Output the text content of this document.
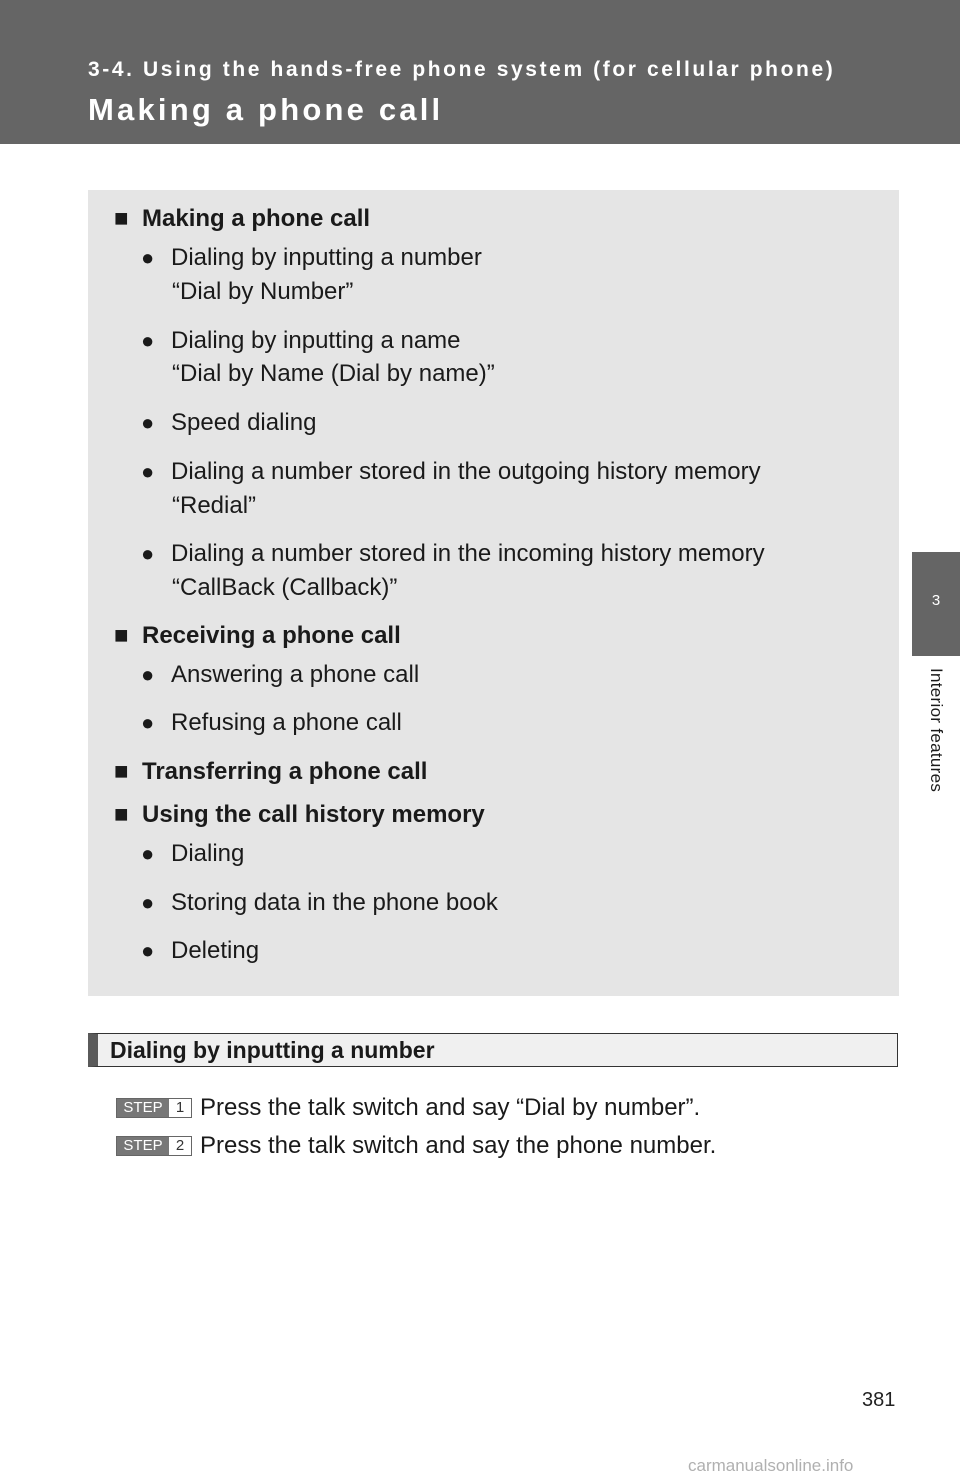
3-4. Using the hands-free phone system (for cellular phone)
Making a phone call
3
Interior features
■ Making a phone call
● Dialing by inputting a number
“Dial by Number”
● Dialing by inputting a name
“Dial by Name (Dial by name)”
● Speed dialing
● Dialing a number stored in the outgoing history memory
“Redial”
● Dialing a number stored in the incoming history memory
“CallBack (Callback)”
■ Receiving a phone call
● Answering a phone call
● Refusing a phone call
■ Transferring a phone call
■ Using the call history memory
● Dialing
● Storing data in the phone book
● Deleting
Dialing by inputting a number
STEP 1 Press the talk switch and say “Dial by number”.
STEP 2 Press the talk switch and say the phone number.
381
carmanualsonline.info
